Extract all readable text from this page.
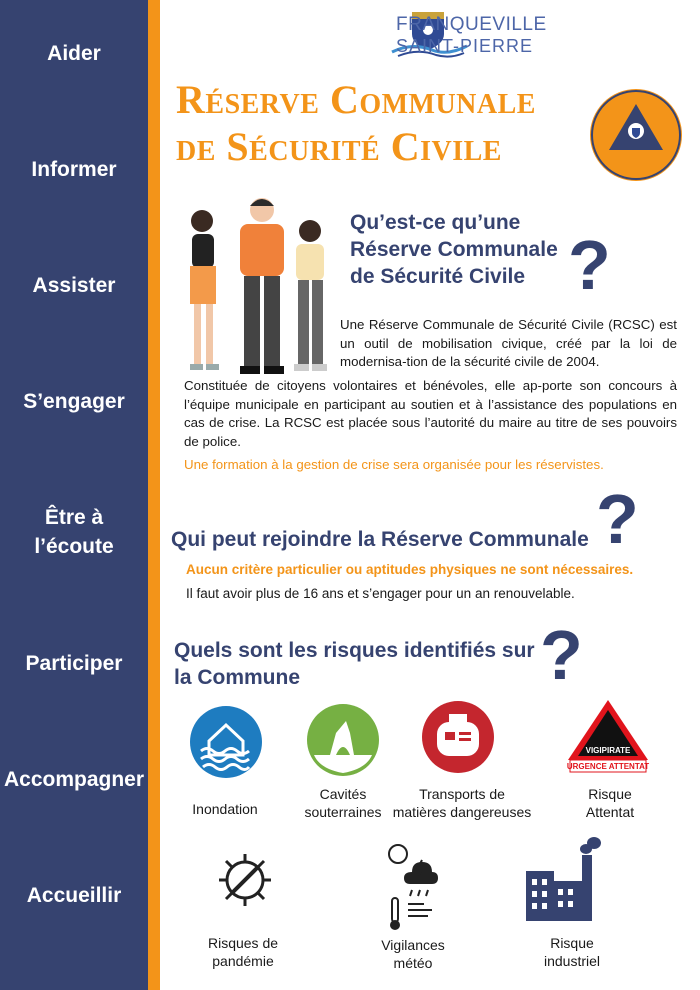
Aider
Informer
Assister
S’engager
Être à
l’écoute
Participer
Accompagner
Accueillir
FRANQUEVILLE
SAINT-PIERRE
Réserve Communale
de Sécurité Civile
Qu’est-ce qu’une
Réserve Communale
de Sécurité Civile ?
Une Réserve Communale de Sécurité Civile (RCSC) est un outil de mobilisation civique, créé par la loi de modernisa-tion de la sécurité civile de 2004.
Constituée de citoyens volontaires et bénévoles, elle ap-porte son concours à l’équipe municipale en participant au soutien et à l’assistance des populations en cas de crise. La RCSC est placée sous l’autorité du maire au titre de ses pouvoirs de police.
Une formation à la gestion de crise sera organisée pour les réservistes.
Qui peut rejoindre la Réserve Communale ?
Aucun critère particulier ou aptitudes physiques ne sont nécessaires.
Il faut avoir plus de 16 ans et s’engager pour un an renouvelable.
Quels sont les risques identifiés sur
la Commune	?
Inondation
Cavités
souterraines
Transports de
matières dangereuses
VIGIPIRATE
URGENCE ATTENTAT
Risque
Attentat
Risques de
pandémie
Vigilances
météo
Risque
industriel
